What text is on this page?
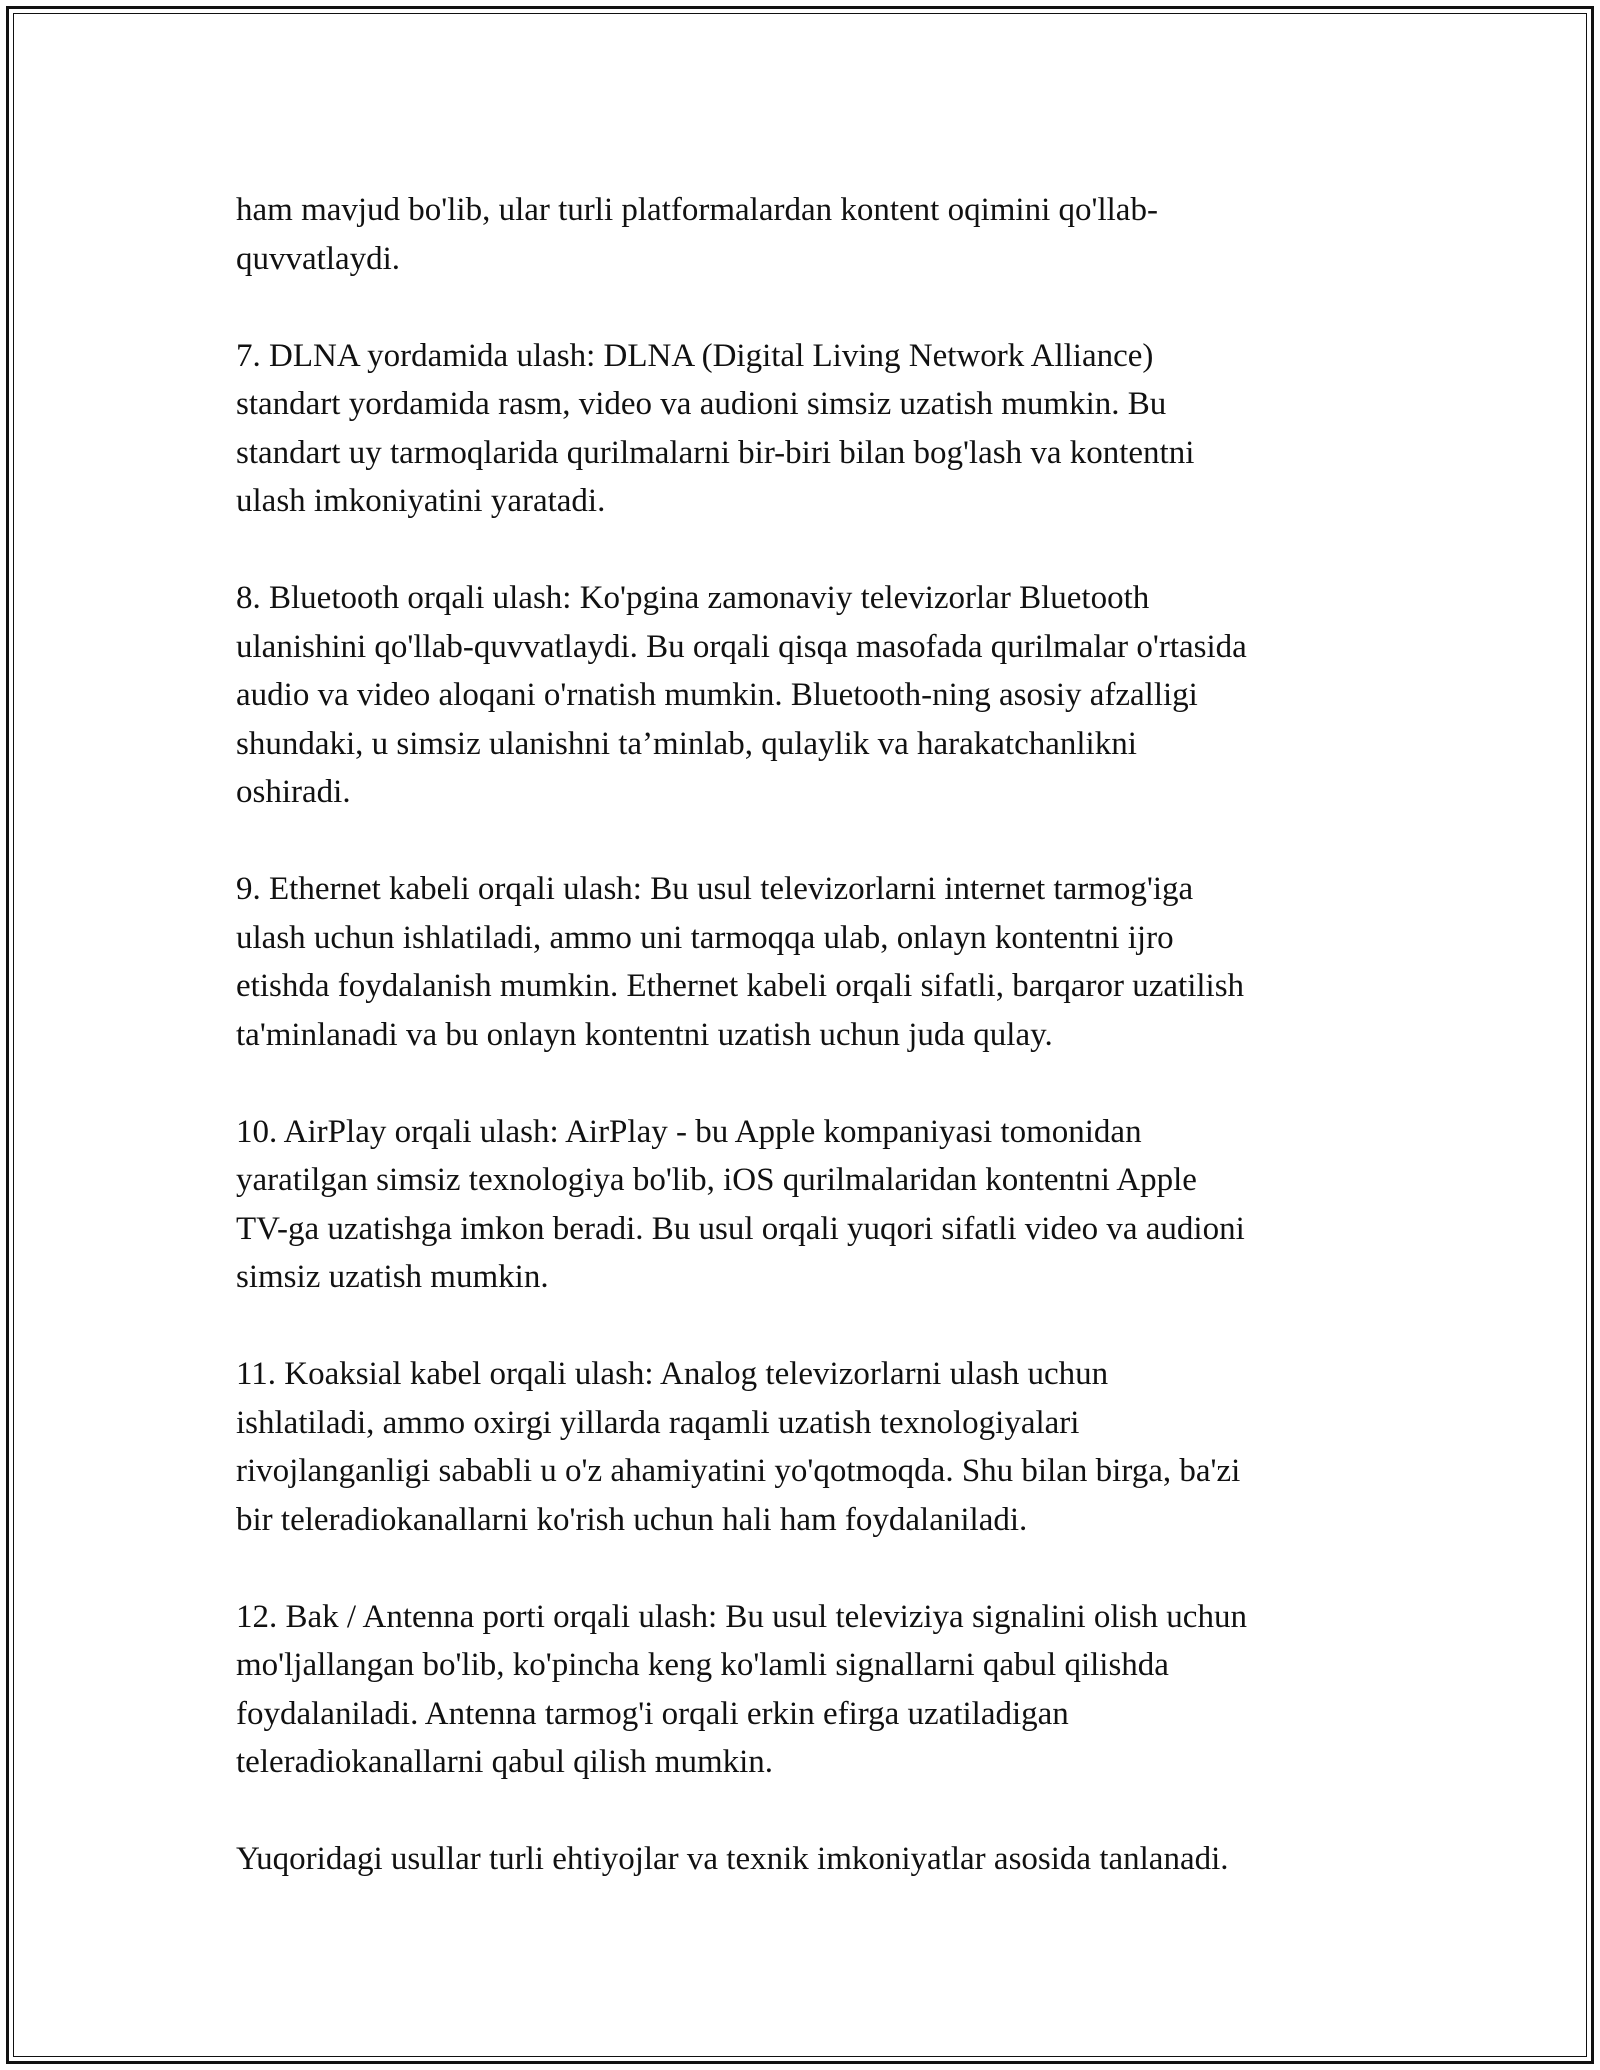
ham mavjud bo'lib, ular turli platformalardan kontent oqimini qo'llab-
quvvatlaydi.

7. DLNA yordamida ulash: DLNA (Digital Living Network Alliance)
standart yordamida rasm, video va audioni simsiz uzatish mumkin. Bu
standart uy tarmoqlarida qurilmalarni bir-biri bilan bog'lash va kontentni
ulash imkoniyatini yaratadi.

8. Bluetooth orqali ulash: Ko'pgina zamonaviy televizorlar Bluetooth
ulanishini qo'llab-quvvatlaydi. Bu orqali qisqa masofada qurilmalar o'rtasida
audio va video aloqani o'rnatish mumkin. Bluetooth-ning asosiy afzalligi
shundaki, u simsiz ulanishni ta’minlab, qulaylik va harakatchanlikni
oshiradi.

9. Ethernet kabeli orqali ulash: Bu usul televizorlarni internet tarmog'iga
ulash uchun ishlatiladi, ammo uni tarmoqqa ulab, onlayn kontentni ijro
etishda foydalanish mumkin. Ethernet kabeli orqali sifatli, barqaror uzatilish
ta'minlanadi va bu onlayn kontentni uzatish uchun juda qulay.

10. AirPlay orqali ulash: AirPlay - bu Apple kompaniyasi tomonidan
yaratilgan simsiz texnologiya bo'lib, iOS qurilmalaridan kontentni Apple
TV-ga uzatishga imkon beradi. Bu usul orqali yuqori sifatli video va audioni
simsiz uzatish mumkin.

11. Koaksial kabel orqali ulash: Analog televizorlarni ulash uchun
ishlatiladi, ammo oxirgi yillarda raqamli uzatish texnologiyalari
rivojlanganligi sababli u o'z ahamiyatini yo'qotmoqda. Shu bilan birga, ba'zi
bir teleradiokanallarni ko'rish uchun hali ham foydalaniladi.

12. Bak / Antenna porti orqali ulash: Bu usul televiziya signalini olish uchun
mo'ljallangan bo'lib, ko'pincha keng ko'lamli signallarni qabul qilishda
foydalaniladi. Antenna tarmog'i orqali erkin efirga uzatiladigan
teleradiokanallarni qabul qilish mumkin.

Yuqoridagi usullar turli ehtiyojlar va texnik imkoniyatlar asosida tanlanadi.
